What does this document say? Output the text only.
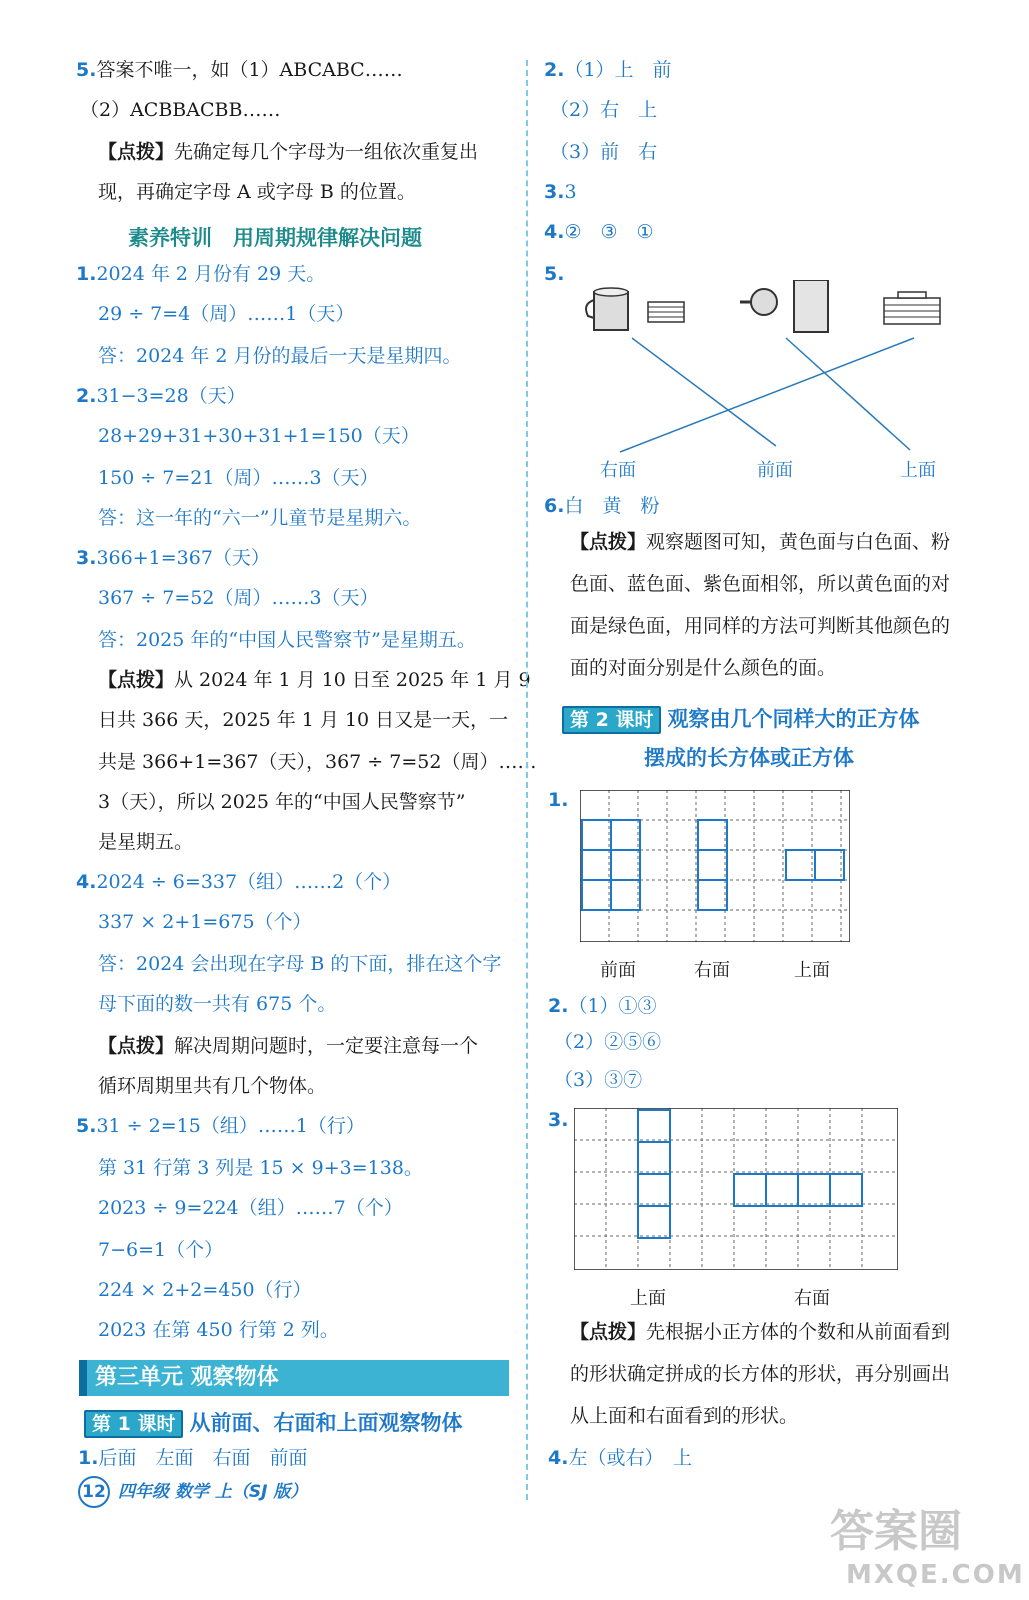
5.答案不唯一，如（1）ABCABC……
（2）ACBBACBB……
【点拨】先确定每几个字母为一组依次重复出
现，再确定字母 A 或字母 B 的位置。
素养特训　用周期规律解决问题
1.2024 年 2 月份有 29 天。
29 ÷ 7=4（周）……1（天）
答：2024 年 2 月份的最后一天是星期四。
2.31−3=28（天）
28+29+31+30+31+1=150（天）
150 ÷ 7=21（周）……3（天）
答：这一年的“六一”儿童节是星期六。
3.366+1=367（天）
367 ÷ 7=52（周）……3（天）
答：2025 年的“中国人民警察节”是星期五。
【点拨】从 2024 年 1 月 10 日至 2025 年 1 月 9
日共 366 天，2025 年 1 月 10 日又是一天，一
共是 366+1=367（天），367 ÷ 7=52（周）……
3（天），所以 2025 年的“中国人民警察节”
是星期五。
4.2024 ÷ 6=337（组）……2（个）
337 × 2+1=675（个）
答：2024 会出现在字母 B 的下面，排在这个字
母下面的数一共有 675 个。
【点拨】解决周期问题时，一定要注意每一个
循环周期里共有几个物体。
5.31 ÷ 2=15（组）……1（行）
第 31 行第 3 列是 15 × 9+3=138。
2023 ÷ 9=224（组）……7（个）
7−6=1（个）
224 × 2+2=450（行）
2023 在第 450 行第 2 列。
第三单元 观察物体
第 1 课时 从前面、右面和上面观察物体
1.后面　左面　右面　前面
2.（1）上　前
（2）右　上
（3）前　右
3.3
4.②　③　①
5.
右面	前面	上面
6.白　黄　粉
【点拨】观察题图可知，黄色面与白色面、粉
色面、蓝色面、紫色面相邻，所以黄色面的对
面是绿色面，用同样的方法可判断其他颜色的
面的对面分别是什么颜色的面。
第 2 课时 观察由几个同样大的正方体
摆成的长方体或正方体
1.
前面	右面	上面
2.（1）①③
（2）②⑤⑥
（3）③⑦
3.
上面	右面
【点拨】先根据小正方体的个数和从前面看到
的形状确定拼成的长方体的形状，再分别画出
从上面和右面看到的形状。
4.左（或右）　上
12 四年级 数学 上（SJ 版）
答案圈
MXQE.COM
